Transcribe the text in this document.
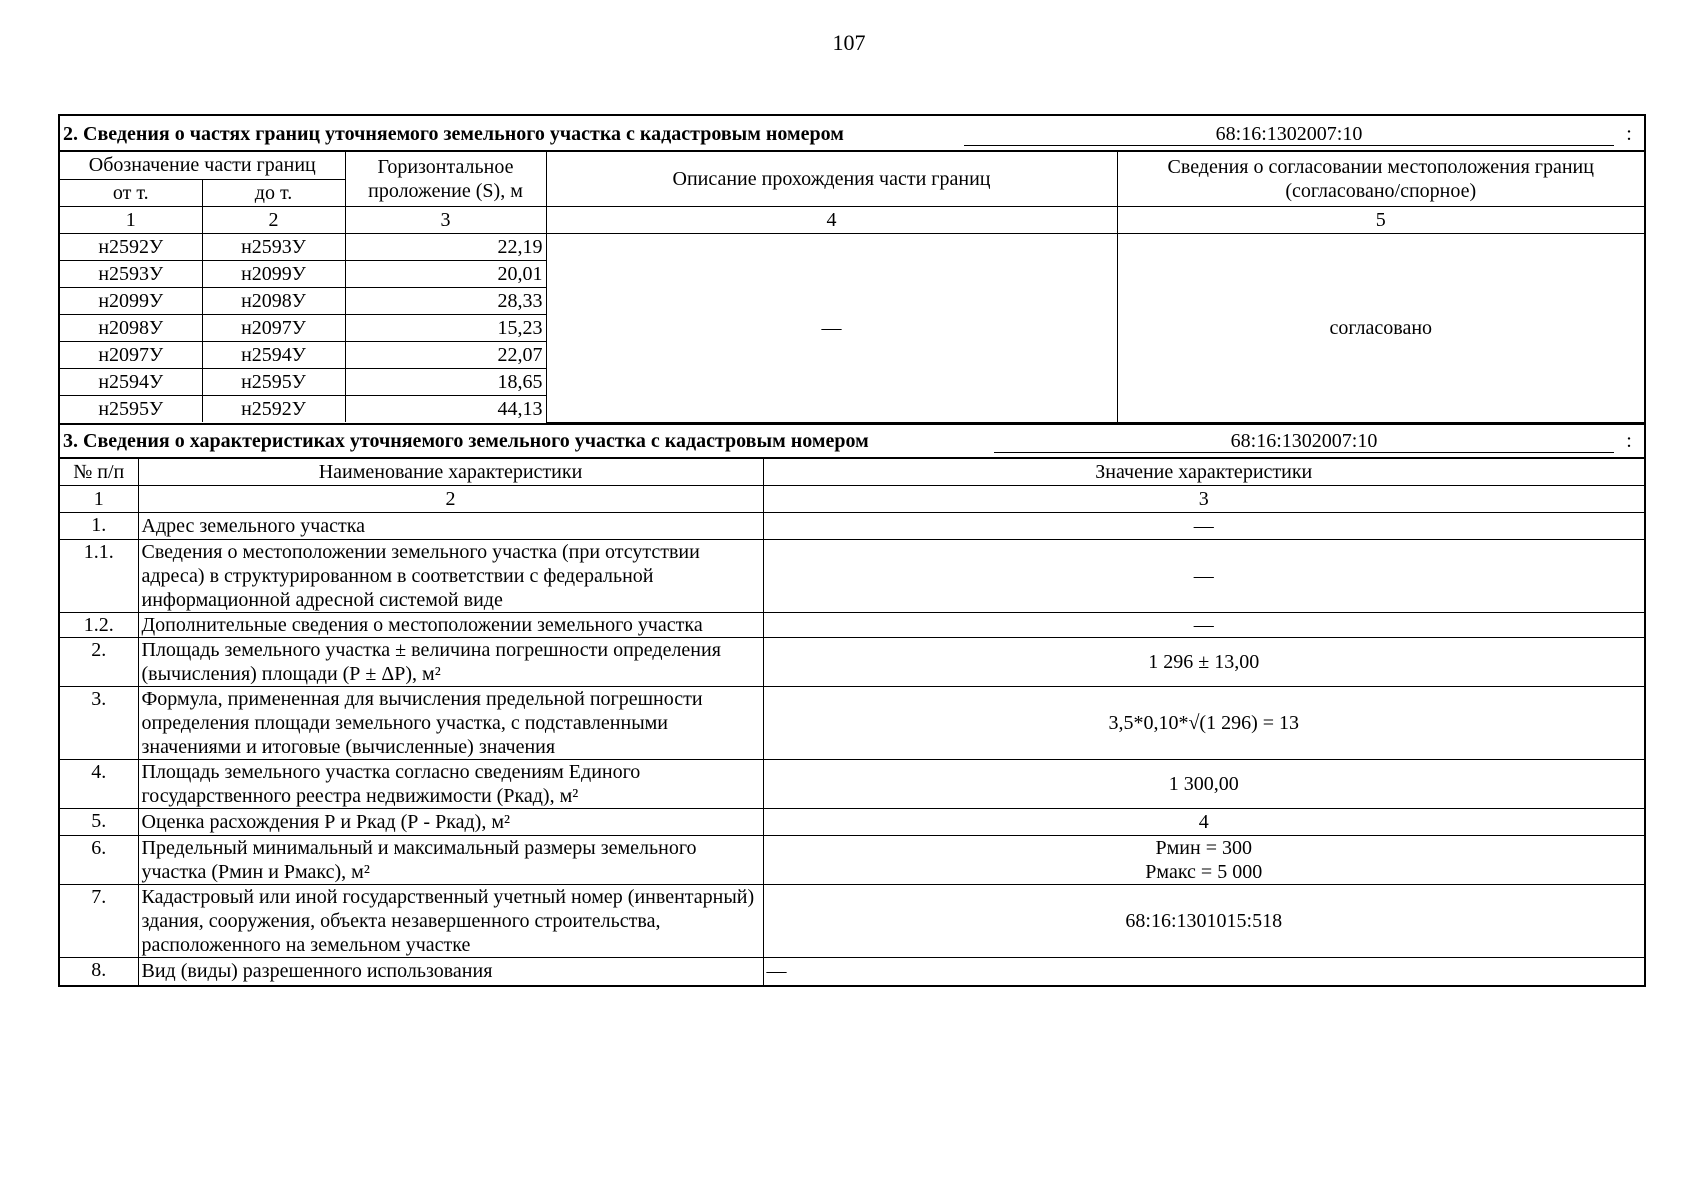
107
2. Сведения о частях границ уточняемого земельного участка с кадастровым номером	68:16:1302007:10	:
Обозначение части границ		Горизонтальное проложение (S), м	Описание прохождения части границ	Сведения о согласовании местоположения границ (согласовано/спорное)
от т.	до т.			
1	2	3	4	5
н2592У	н2593У	22,19	—	согласовано
н2593У	н2099У	20,01		
н2099У	н2098У	28,33		
н2098У	н2097У	15,23		
н2097У	н2594У	22,07		
н2594У	н2595У	18,65		
н2595У	н2592У	44,13		
3. Сведения о характеристиках уточняемого земельного участка с кадастровым номером	68:16:1302007:10	:
№ п/п	Наименование характеристики	Значение характеристики
1	2	3
1.	Адрес земельного участка	—
1.1.	Сведения о местоположении земельного участка (при отсутствии адреса) в структурированном в соответствии с федеральной информационной адресной системой виде	—
1.2.	Дополнительные сведения о местоположении земельного участка	—
2.	Площадь земельного участка ± величина погрешности определения (вычисления) площади (Р ± ΔР), м²	1 296 ± 13,00
3.	Формула, примененная для вычисления предельной погрешности определения площади земельного участка, с подставленными значениями и итоговые (вычисленные) значения	3,5*0,10*√(1 296) = 13
4.	Площадь земельного участка согласно сведениям Единого государственного реестра недвижимости (Ркад), м²	1 300,00
5.	Оценка расхождения Р и Ркад (Р - Ркад), м²	4
6.	Предельный минимальный и максимальный размеры земельного участка (Рмин и Рмакс), м²	Рмин = 300
Рмакс = 5 000

7.	Кадастровый или иной государственный учетный номер (инвентарный) здания, сооружения, объекта незавершенного строительства, расположенного на земельном участке	68:16:1301015:518
8.	Вид (виды) разрешенного использования	—
